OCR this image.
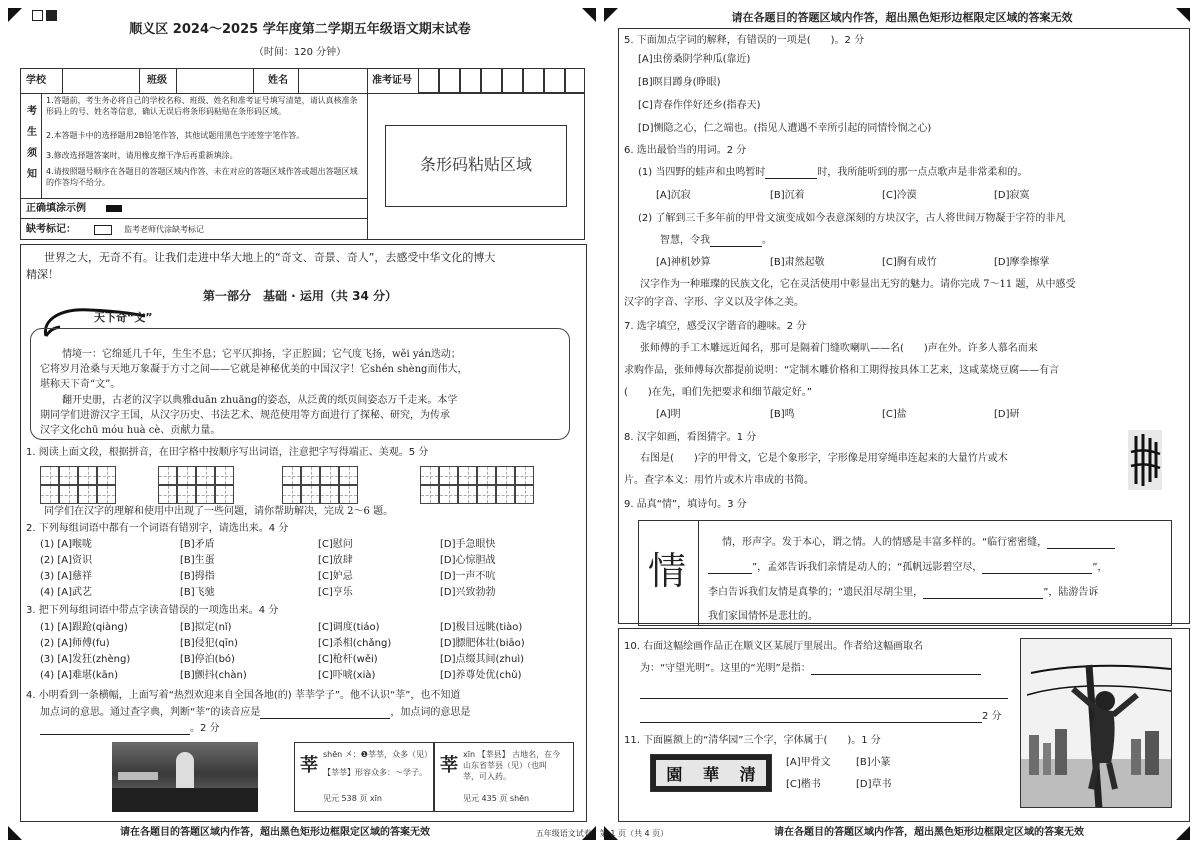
顺义区 2024～2025 学年度第二学期五年级语文期末试卷
（时间：120 分钟）
学校	班级	姓名	准考证号
考
生
须
知
1.答题前，考生务必将自己的学校名称、班级、姓名和准考证号填写清楚，请认真核准条形码上的号、姓名等信息，确认无误后将条形码粘贴在条形码区域。
2.本答题卡中的选择题用2B铅笔作答，其他试题用黑色字迹签字笔作答。
3.修改选择题答案时，请用橡皮擦干净后再重新填涂。
4.请按照题号顺序在各题目的答题区域内作答，未在对应的答题区域作答或超出答题区域的作答均不给分。
条形码粘贴区域
正确填涂示例
缺考标记：	监考老师代涂缺考标记
世界之大，无奇不有。让我们走进中华大地上的“奇文、奇景、奇人”，去感受中华文化的博大
精深！
第一部分　基础 · 运用（共 34 分）
天下奇“文”
情境一：它绵延几千年，生生不息；它平仄抑扬，字正腔圆；它气度飞扬，wěi yán迭动；
它将岁月沧桑与天地万象凝于方寸之间——它就是神秘优美的中国汉字！它shén shèng而伟大，
堪称天下奇“文”。
翻开史册，古老的汉字以典雅duān zhuāng的姿态，从泛黄的纸页间姿态万千走来。本学
期同学们进游汉字王国，从汉字历史、书法艺术、规范使用等方面进行了探秘、研究，为传承
汉字文化chū móu huà cè、贡献力量。
1. 阅读上面文段，根据拼音，在田字格中按顺序写出词语，注意把字写得端正、美观。5 分
同学们在汉字的理解和使用中出现了一些问题，请你帮助解决，完成 2～6 题。
2. 下列每组词语中都有一个词语有错别字，请选出来。4 分
(1) [A]喉咙	[B]矛盾	[C]慰问	[D]手急眼快
(2) [A]资识	[B]生蛋	[C]放肆	[D]心惊胆战
(3) [A]慈祥	[B]拇指	[C]妒忌	[D]一声不吭
(4) [A]武艺	[B]飞驰	[C]亨乐	[D]兴致勃勃
3. 把下列每组词语中带点字读音错误的一项选出来。4 分
(1) [A]跟跄(qiàng)	[B]拟定(nǐ)	[C]调度(tiáo)	[D]极目远眺(tiào)
(2) [A]师傅(fu)	[B]侵犯(qīn)	[C]杀相(chǎng)	[D]膘肥体壮(biāo)
(3) [A]发狂(zhèng)	[B]停泊(bó)	[C]枪杆(wěi)	[D]点缀其间(zhuì)
(4) [A]难堪(kān)	[B]颤抖(chàn)	[C]吓唬(xià)	[D]养尊处优(chǔ)
4. 小明看到一条横幅，上面写着“热烈欢迎来自全国各地(的) 莘莘学子”。他不认识“莘”，也不知道
加点词的意思。通过查字典，判断“莘”的读音应是	，加点词的意思是
。2 分
莘
shēn 㐅：❶莘莘，众多（见）
【莘莘】形容众多：～学子。
见元 538 页 xīn
莘
xīn 【莘县】 古地名，在今
山东省莘县（见）（也叫
莘，可入药。
见元 435 页 shēn
请在各题目的答题区域内作答，超出黑色矩形边框限定区域的答案无效
5. 下面加点字词的解释，有错误的一项是(　　)。2 分
[A]虫傍桑阴学种瓜(靠近)
[B]暝目蹲身(睁眼)
[C]青春作伴好还乡(指春天)
[D]恻隐之心，仁之端也。(指见人遭遇不幸所引起的同情怜悯之心)
6. 选出最恰当的用词。2 分
(1) 当四野的蛙声和虫鸣暂时	时，我所能听到的那一点点歌声是非常柔和的。
[A]沉寂	[B]沉着	[C]冷漠	[D]寂寞
(2) 了解到三千多年前的甲骨文演变成如今表意深刻的方块汉字，古人将世间万物凝于字符的非凡
智慧，令我	。
[A]神机妙算	[B]肃然起敬	[C]胸有成竹	[D]摩拳擦掌
汉字作为一种璀璨的民族文化，它在灵活使用中彰显出无穷的魅力。请你完成 7～11 题，从中感受
汉字的字音、字形、字义以及字体之美。
7. 选字填空，感受汉字谐音的趣味。2 分
张师傅的手工木雕远近闻名，那可是隔着门缝吹喇叭——名(　　)声在外。许多人慕名而来
求购作品，张师傅每次都提前说明：“定制木雕价格和工期得按具体工艺来，这咸菜烧豆腐——有言
(　　)在先，咱们先把要求和细节敲定好。”
[A]明	[B]鸣	[C]盐	[D]研
8. 汉字如画，看图猜字。1 分
右图是(　　)字的甲骨文，它是个象形字，字形像是用穿绳串连起来的大量竹片或木
片。查字本义：用竹片或木片串成的书简。
9. 品真“情”，填诗句。3 分
情
情，形声字。发于本心，谓之情。人的情感是丰富多样的。“临行密密缝，
”，孟郊告诉我们亲情是动人的；“孤帆远影碧空尽，	”，
李白告诉我们友情是真挚的；“遗民泪尽胡尘里，	”，陆游告诉
我们家国情怀是悲壮的。
10. 右面这幅绘画作品正在顺义区某展厅里展出。作者给这幅画取名
为：“守望光明”。这里的“光明”是指：
2 分
11. 下面匾额上的“清华园”三个字，字体属于(　　)。1 分
園 華 清
[A]甲骨文	[B]小篆
[C]楷书	[D]草书
请在各题目的答题区域内作答，超出黑色矩形边框限定区域的答案无效	五年级语文试卷　第 1 页（共 4 页）	请在各题目的答题区域内作答，超出黑色矩形边框限定区域的答案无效
